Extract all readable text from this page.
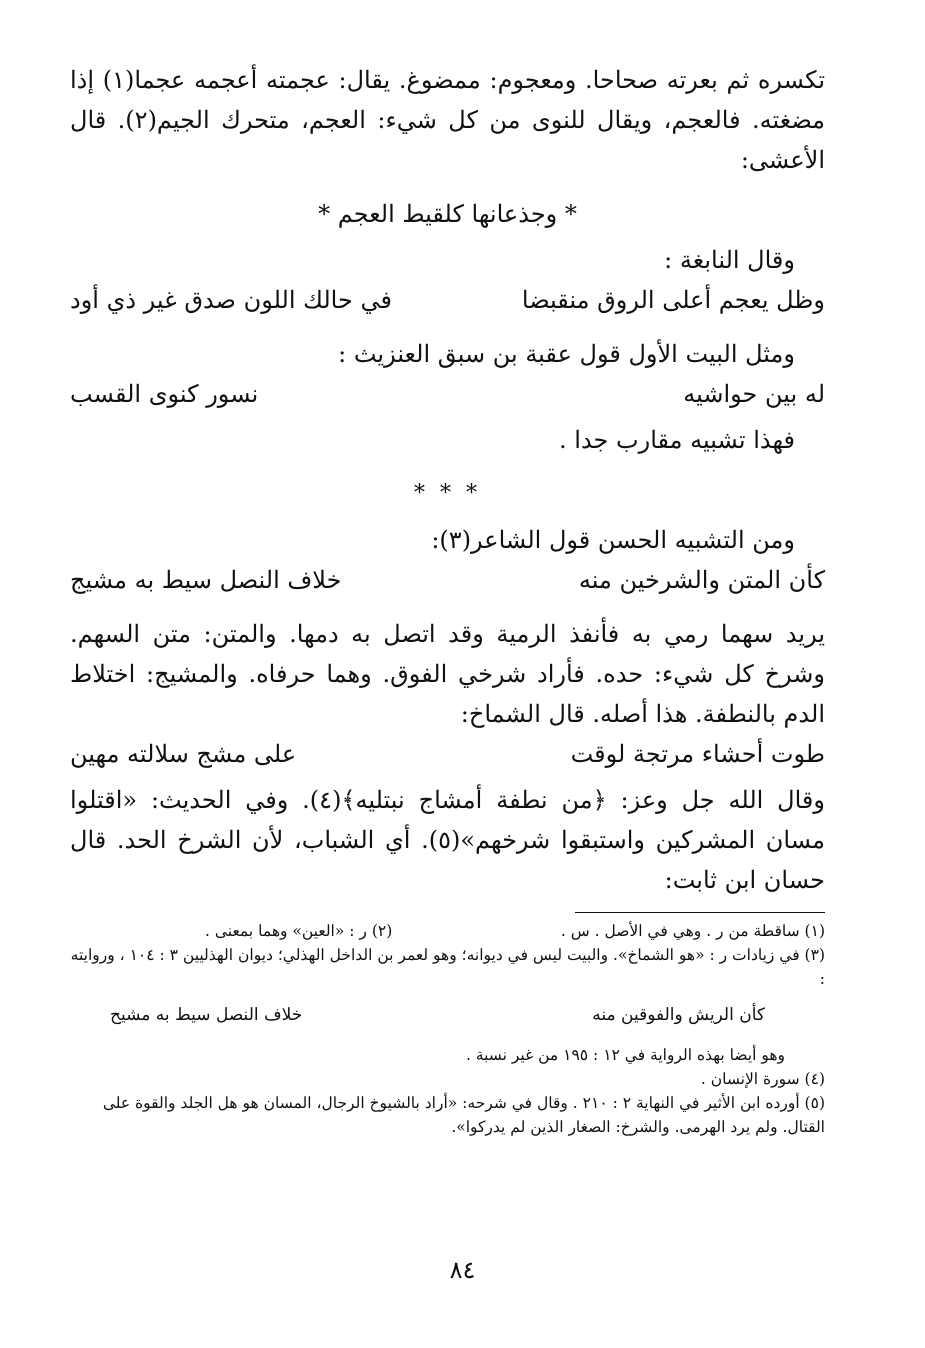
تكسره ثم بعرته صحاحا. ومعجوم: ممضوغ. يقال: عجمته أعجمه عجما(١) إذا مضغته. فالعجم، ويقال للنوى من كل شيء: العجم، متحرك الجيم(٢). قال الأعشى:

* وجذعانها كلقيط العجم *

وقال النابغة :

وظل يعجم أعلى الروق منقبضا
في حالك اللون صدق غير ذي أود

ومثل البيت الأول قول عقبة بن سبق العنزيث :

له بين حواشيه
نسور كنوى القسب

فهذا تشبيه مقارب جدا .

* * *

ومن التشبيه الحسن قول الشاعر(٣):

كأن المتن والشرخين منه
خلاف النصل سيط به مشيج

يريد سهما رمي به فأنفذ الرمية وقد اتصل به دمها. والمتن: متن السهم. وشرخ كل شيء: حده. فأراد شرخي الفوق. وهما حرفاه. والمشيج: اختلاط الدم بالنطفة. هذا أصله. قال الشماخ:

طوت أحشاء مرتجة لوقت
على مشج سلالته مهين

وقال الله جل وعز: ﴿من نطفة أمشاج نبتليه﴾(٤). وفي الحديث: «اقتلوا مسان المشركين واستبقوا شرخهم»(٥). أي الشباب، لأن الشرخ الحد. قال حسان ابن ثابت:

(١) ساقطة من ر . وهي في الأصل . س .
(٢) ر : «العين» وهما بمعنى .

(٣) في زيادات ر : «هو الشماخ». والبيت ليس في ديوانه؛ وهو لعمر بن الداخل الهذلي؛ ديوان الهذليين ٣ : ١٠٤ ، وروايته :

كأن الريش والفوقين منه
خلاف النصل سيط به مشيح

وهو أيضا بهذه الرواية في ١٢ : ١٩٥ من غير نسبة .

(٤) سورة الإنسان .

(٥) أورده ابن الأثير في النهاية ٢ : ٢١٠ . وقال في شرحه: «أراد بالشيوخ الرجال، المسان هو هل الجلد والقوة على القتال. ولم يرد الهرمى. والشرخ: الصغار الذين لم يدركوا».

٨٤
